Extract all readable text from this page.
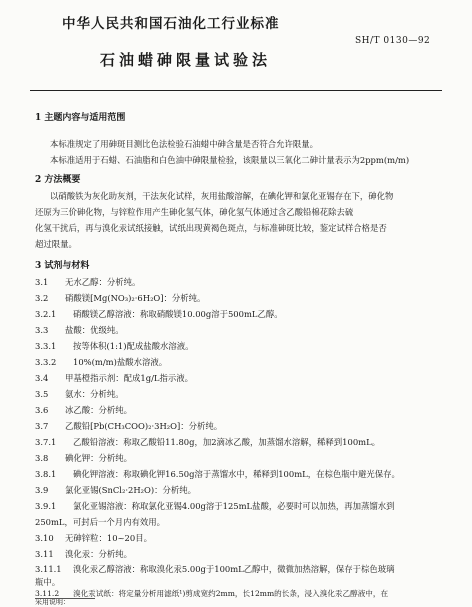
中华人民共和国石油化工行业标准
SH/T 0130—92
石油蜡砷限量试验法
1 主题内容与适用范围
本标准规定了用砷斑目测比色法检验石油蜡中砷含量是否符合允许限量。
本标准适用于石蜡、石油脂和白色油中砷限量检验，该限量以三氧化二砷计量表示为2ppm(m/m)
2 方法概要
以硝酸铁为灰化助灰剂，干法灰化试样，灰用盐酸溶解，在碘化钾和氯化亚锡存在下，砷化物
还原为三价砷化物，与锌粒作用产生砷化氢气体，砷化氢气体通过含乙酸铅棉花除去硫
化氢干扰后，再与溴化汞试纸接触，试纸出现黄褐色斑点，与标准砷斑比较，鉴定试样合格是否
超过限量。
3 试剂与材料
3.1 无水乙醇：分析纯。
3.2 硝酸镁[Mg(NO₃)₂·6H₂O]：分析纯。
3.2.1 硝酸镁乙醇溶液：称取硝酸镁10.00g溶于500mL乙醇。
3.3 盐酸：优级纯。
3.3.1 按等体积(1:1)配成盐酸水溶液。
3.3.2 10%(m/m)盐酸水溶液。
3.4 甲基橙指示剂：配成1g/L指示液。
3.5 氨水：分析纯。
3.6 冰乙酸：分析纯。
3.7 乙酸铅[Pb(CH₃COO)₂·3H₂O]：分析纯。
3.7.1 乙酸铅溶液：称取乙酸铅11.80g，加2滴冰乙酸，加蒸馏水溶解，稀释到100mL。
3.8 碘化钾：分析纯。
3.8.1 碘化钾溶液：称取碘化钾16.50g溶于蒸馏水中，稀释到100mL，在棕色瓶中避光保存。
3.9 氯化亚锡(SnCl₂·2H₂O)：分析纯。
3.9.1 氯化亚锡溶液：称取氯化亚锡4.00g溶于125mL盐酸，必要时可以加热，再加蒸馏水到
250mL，可封后一个月内有效用。
3.10 无砷锌粒：10~20目。
3.11 溴化汞：分析纯。
3.11.1 溴化汞乙醇溶液：称取溴化汞5.00g于100mL乙醇中，微微加热溶解，保存于棕色玻璃
瓶中。
3.11.2 溴化汞试纸：将定量分析用滤纸¹)剪成宽约2mm，长12mm的长条，浸入溴化汞乙醇液中，在
采用说明：
